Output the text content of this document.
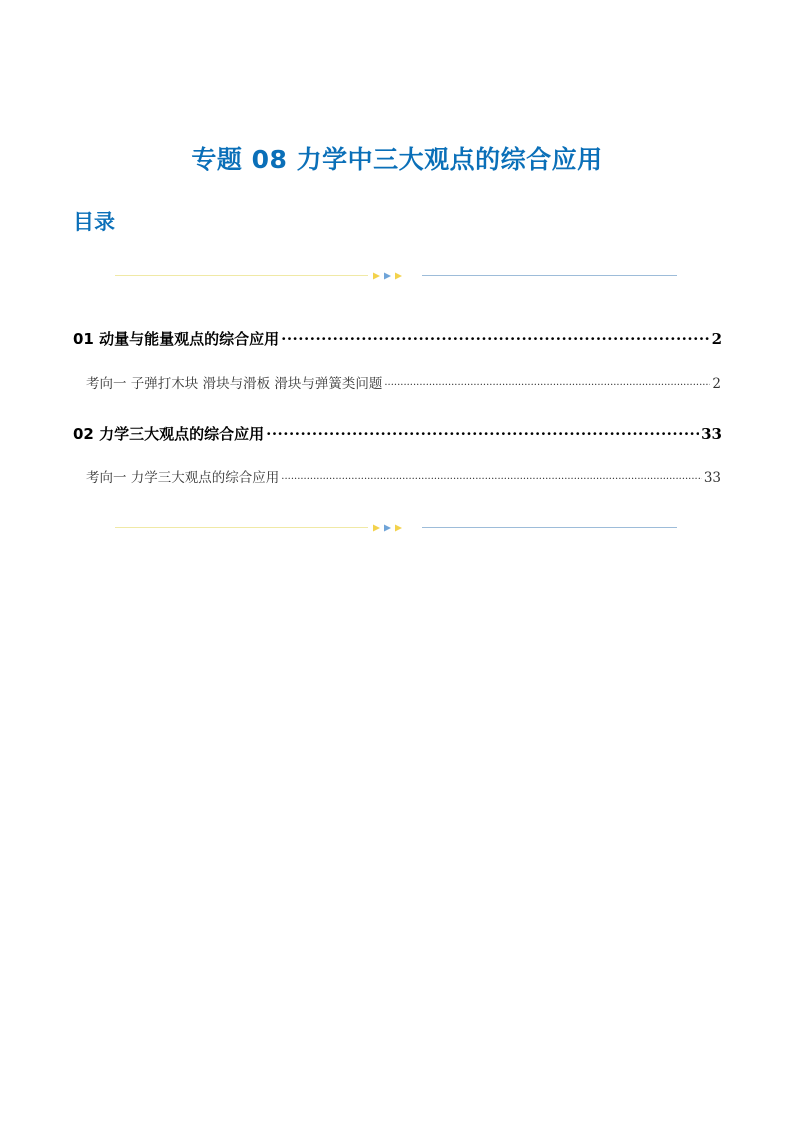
专题 08 力学中三大观点的综合应用
目录
01 动量与能量观点的综合应用 ·····	2
考向一 子弹打木块 滑块与滑板 滑块与弹簧类问题 ·····	2
02 力学三大观点的综合应用 ·····	33
考向一 力学三大观点的综合应用 ·····	33
